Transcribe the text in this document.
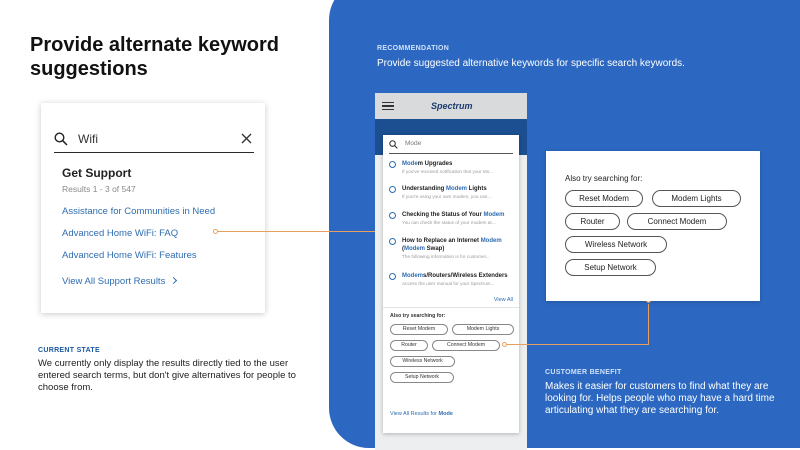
Provide alternate keyword suggestions
Wifi
Get Support
Results 1 - 3 of 547
Assistance for Communities in Need
Advanced Home WiFi: FAQ
Advanced Home WiFi: Features
View All Support Results
CURRENT STATE
We currently only display the results directly tied to the user entered search terms, but don't give alternatives for people to choose from.
RECOMMENDATION
Provide suggested alternative keywords for specific search keywords.
Spectrum
Mode
Modem Upgrades
If you've received notification that your Mo...
Understanding Modem Lights
If you're using your own modem, you can...
Checking the Status of Your Modem
You can check the status of your modem at...
How to Replace an Internet Modem
(Modem Swap)
The following information is for customer...
Modems/Routers/Wireless Extenders
Access the user manual for your Spectrum...
View All
Also try searching for:
Reset Modem	Modem Lights
Router	Connect Modem
Wireless Network
Setup Network
View All Results for Mode
Also try searching for:
Reset Modem	Modem Lights
Router	Connect Modem
Wireless Network
Setup Network
CUSTOMER BENEFIT
Makes it easier for customers to find what they are looking for. Helps people who may have a hard time articulating what they are searching for.
